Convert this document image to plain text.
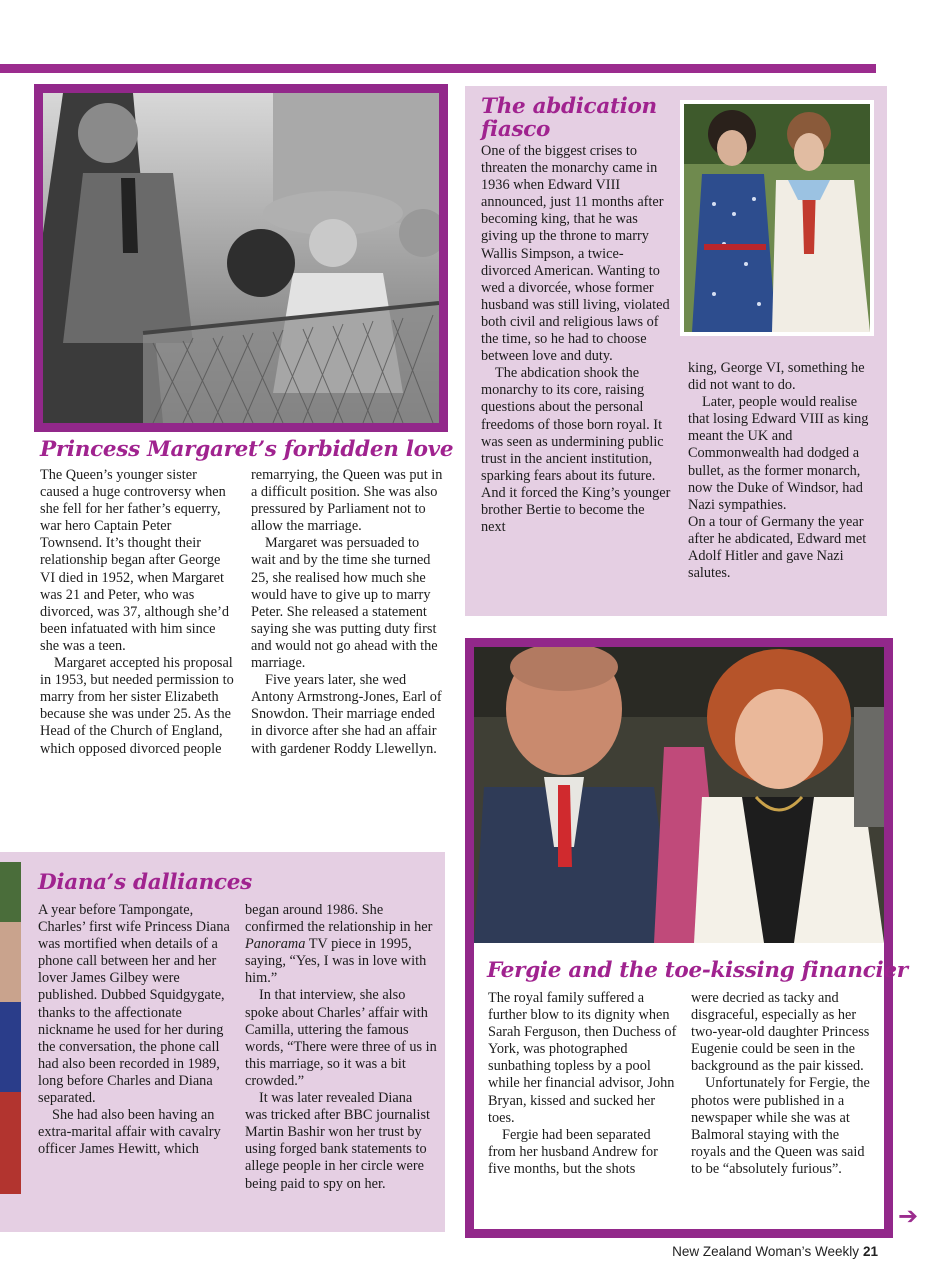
Princess Margaret’s forbidden love

The Queen’s younger sister caused a huge controversy when she fell for her father’s equerry, war hero Captain Peter Townsend. It’s thought their relationship began after George VI died in 1952, when Margaret was 21 and Peter, who was divorced, was 37, although she’d been infatuated with him since she was a teen.

Margaret accepted his proposal in 1953, but needed permission to marry from her sister Elizabeth because she was under 25. As the Head of the Church of England, which opposed divorced people

remarrying, the Queen was put in a difficult position. She was also pressured by Parliament not to allow the marriage.

Margaret was persuaded to wait and by the time she turned 25, she realised how much she would have to give up to marry Peter. She released a statement saying she was putting duty first and would not go ahead with the marriage.

Five years later, she wed Antony Armstrong-Jones, Earl of Snowdon. Their marriage ended in divorce after she had an affair with gardener Roddy Llewellyn.

The abdication fiasco

One of the biggest crises to threaten the monarchy came in 1936 when Edward VIII announced, just 11 months after becoming king, that he was giving up the throne to marry Wallis Simpson, a twice-divorced American. Wanting to wed a divorcée, whose former husband was still living, violated both civil and religious laws of the time, so he had to choose between love and duty.

The abdication shook the monarchy to its core, raising questions about the personal freedoms of those born royal. It was seen as undermining public trust in the ancient institution, sparking fears about its future. And it forced the King’s younger brother Bertie to become the next

king, George VI, something he did not want to do.

Later, people would realise that losing Edward VIII as king meant the UK and Commonwealth had dodged a bullet, as the former monarch, now the Duke of Windsor, had Nazi sympathies.

On a tour of Germany the year after he abdicated, Edward met Adolf Hitler and gave Nazi salutes.

Diana’s dalliances

A year before Tampongate, Charles’ first wife Princess Diana was mortified when details of a phone call between her and her lover James Gilbey were published. Dubbed Squidgygate, thanks to the affectionate nickname he used for her during the conversation, the phone call had also been recorded in 1989, long before Charles and Diana separated.

She had also been having an extra-marital affair with cavalry officer James Hewitt, which

began around 1986. She confirmed the relationship in her Panorama TV piece in 1995, saying, “Yes, I was in love with him.”

In that interview, she also spoke about Charles’ affair with Camilla, uttering the famous words, “There were three of us in this marriage, so it was a bit crowded.”

It was later revealed Diana was tricked after BBC journalist Martin Bashir won her trust by using forged bank statements to allege people in her circle were being paid to spy on her.

Fergie and the toe-kissing financier

The royal family suffered a further blow to its dignity when Sarah Ferguson, then Duchess of York, was photographed sunbathing topless by a pool while her financial advisor, John Bryan, kissed and sucked her toes.

Fergie had been separated from her husband Andrew for five months, but the shots

were decried as tacky and disgraceful, especially as her two-year-old daughter Princess Eugenie could be seen in the background as the pair kissed.

Unfortunately for Fergie, the photos were published in a newspaper while she was at Balmoral staying with the royals and the Queen was said to be “absolutely furious”.

➔
New Zealand Woman’s Weekly 21
